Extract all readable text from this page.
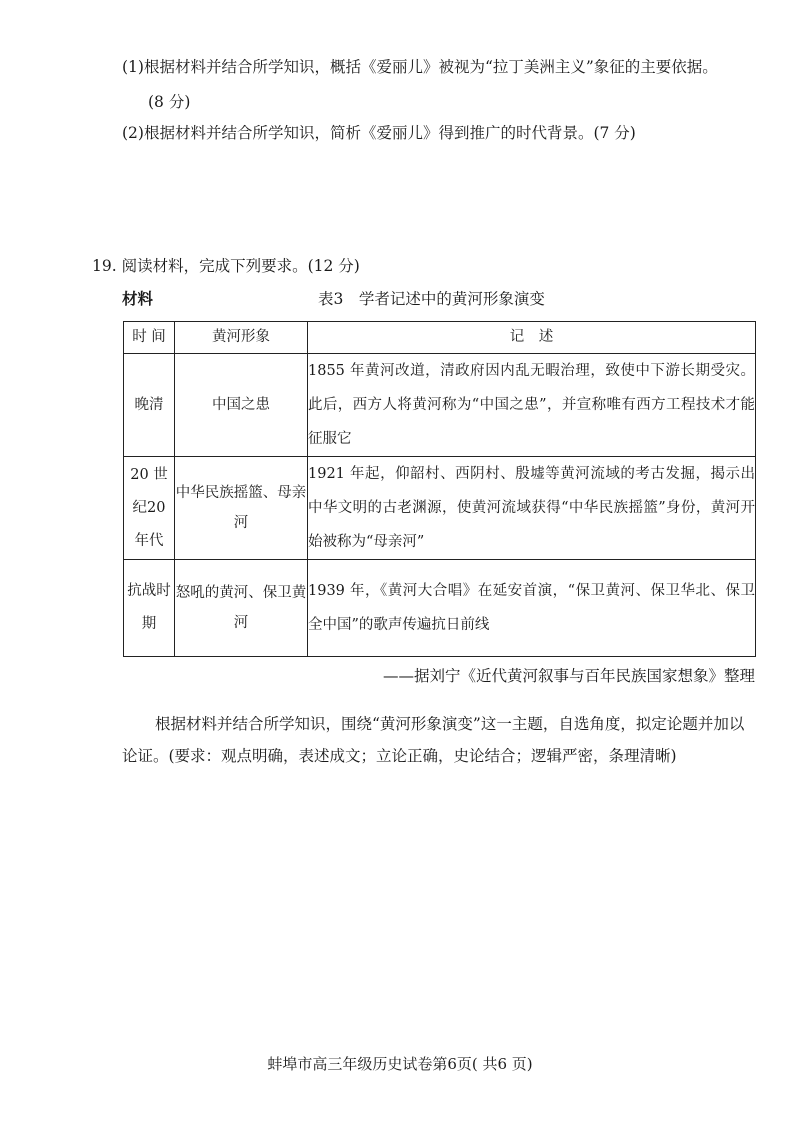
(1)根据材料并结合所学知识，概括《爱丽儿》被视为“拉丁美洲主义”象征的主要依据。
(8 分)
(2)根据材料并结合所学知识，简析《爱丽儿》得到推广的时代背景。(7 分)
19. 阅读材料，完成下列要求。(12 分)
材料	表3　学者记述中的黄河形象演变
时 间	黄河形象	记　述
晚清	中国之患	1855 年黄河改道，清政府因内乱无暇治理，致使中下游长期受灾。此后，西方人将黄河称为“中国之患”，并宣称唯有西方工程技术才能征服它
20 世纪20 年代	中华民族摇篮、母亲河	1921 年起，仰韶村、西阴村、殷墟等黄河流域的考古发掘，揭示出中华文明的古老渊源，使黄河流域获得“中华民族摇篮”身份，黄河开始被称为“母亲河”
抗战时期	怒吼的黄河、保卫黄河	1939 年，《黄河大合唱》在延安首演，“保卫黄河、保卫华北、保卫全中国”的歌声传遍抗日前线
——据刘宁《近代黄河叙事与百年民族国家想象》整理
根据材料并结合所学知识，围绕“黄河形象演变”这一主题，自选角度，拟定论题并加以论证。(要求：观点明确，表述成文；立论正确，史论结合；逻辑严密，条理清晰)
蚌埠市高三年级历史试卷第6页( 共6 页)
